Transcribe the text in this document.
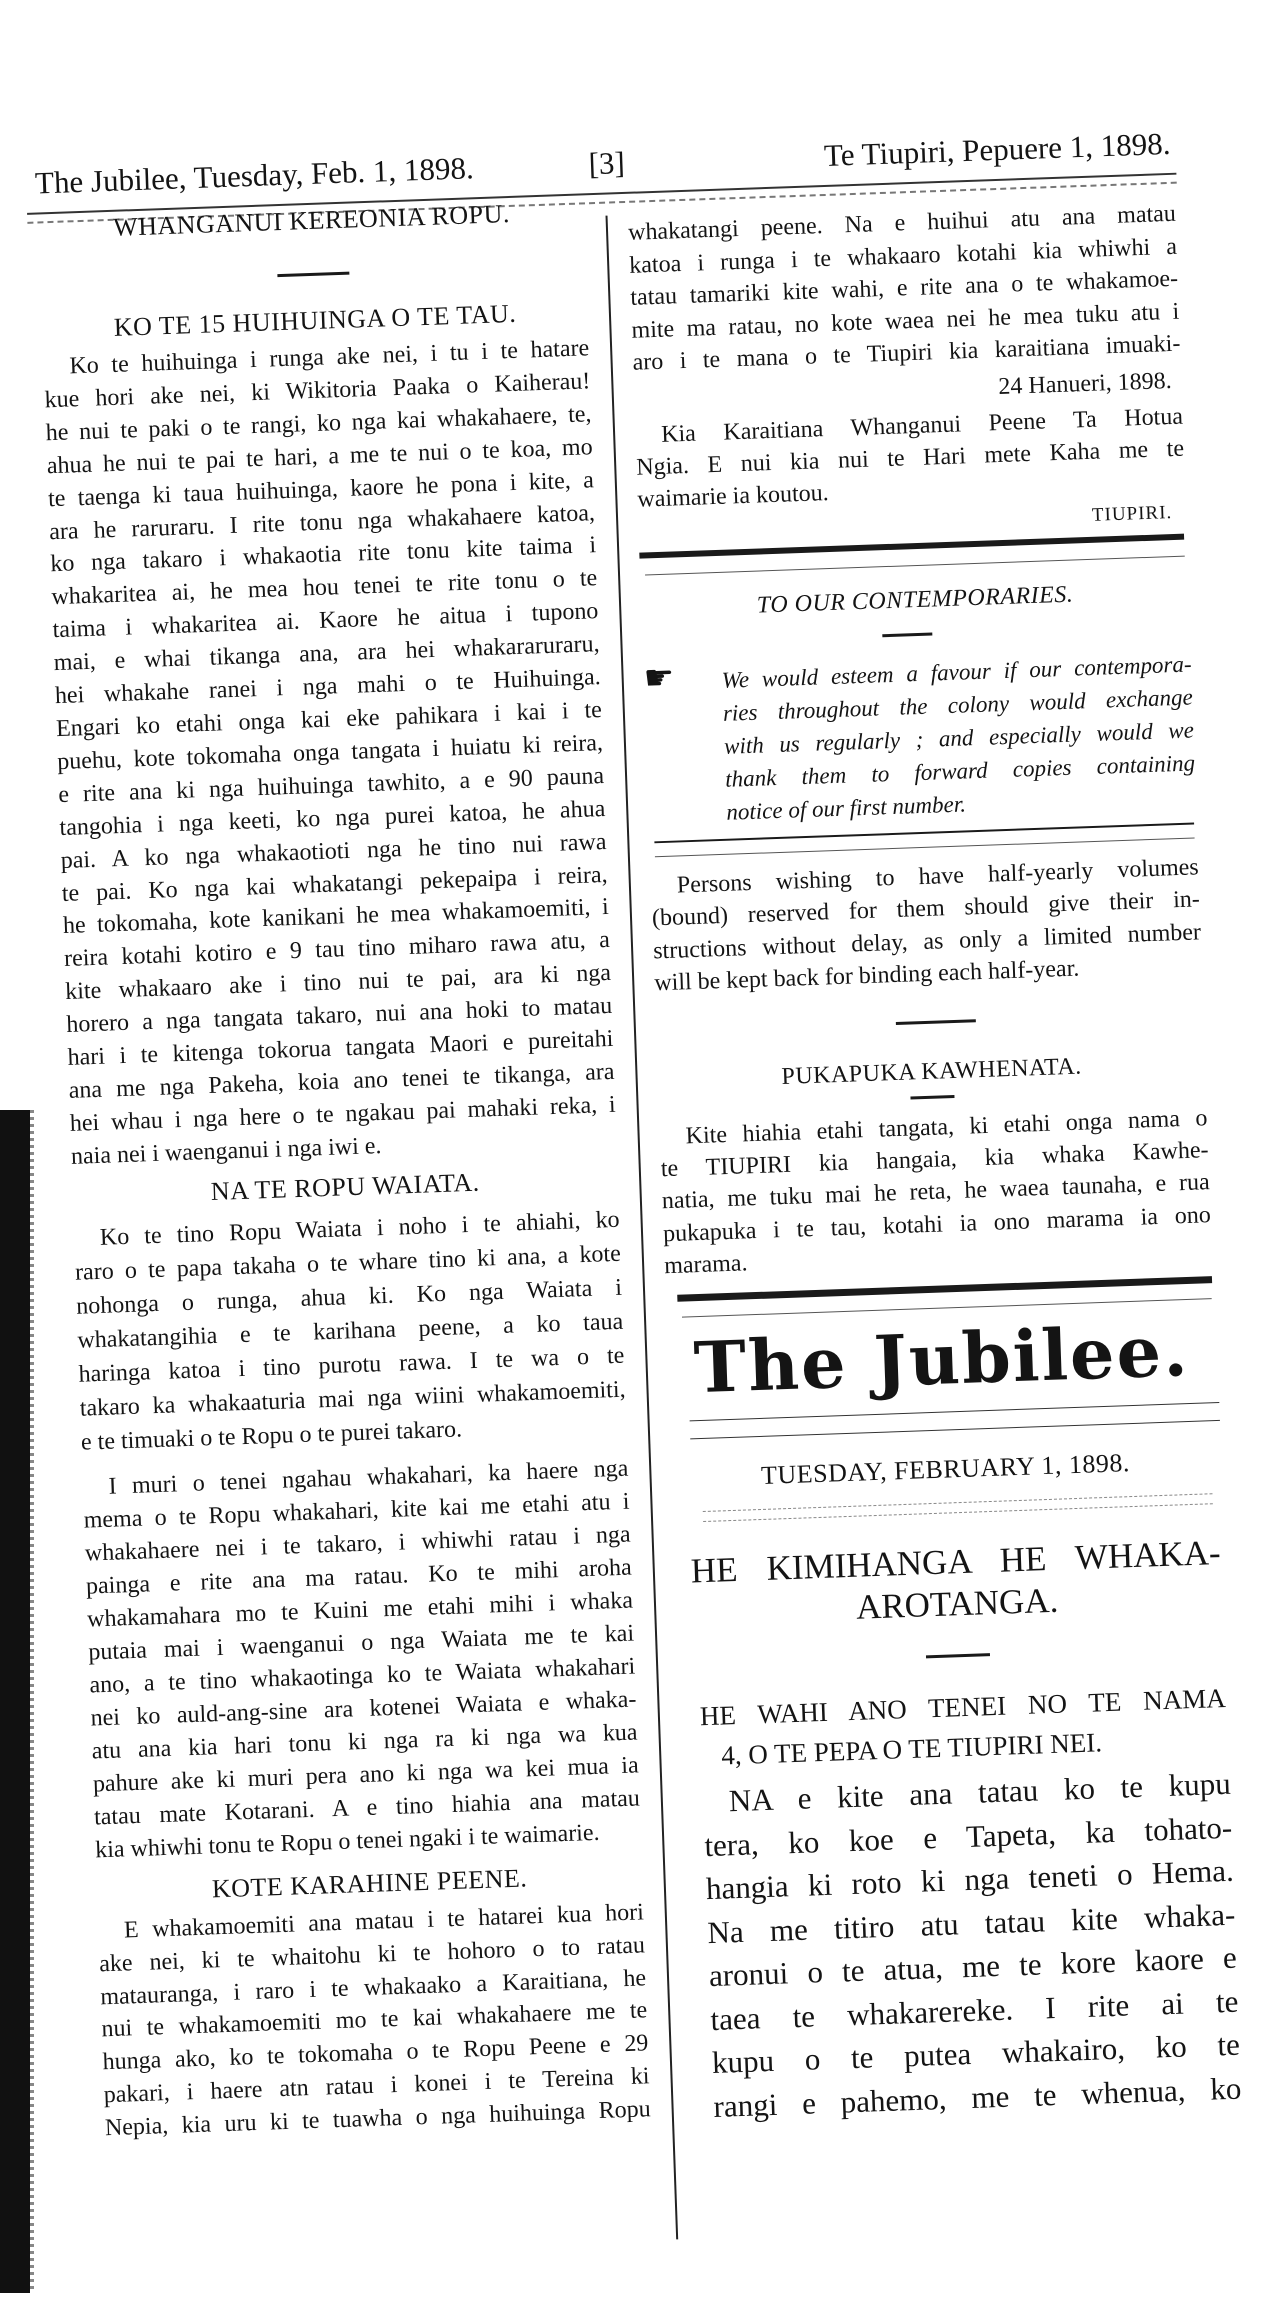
The Jubilee, Tuesday, Feb. 1, 1898.	[3]	Te Tiupiri, Pepuere 1, 1898.
WHANGANUI KEREONIA ROPU.
KO TE 15 HUIHUINGA O TE TAU.
Ko te huihuinga i runga ake nei, i tu i te hatare
kue hori ake nei, ki Wikitoria Paaka o Kaiherau!
he nui te paki o te rangi, ko nga kai whakahaere, te,
ahua he nui te pai te hari, a me te nui o te koa, mo
te taenga ki taua huihuinga, kaore he pona i kite, a
ara he raruraru. I rite tonu nga whakahaere katoa,
ko nga takaro i whakaotia rite tonu kite taima i
whakaritea ai, he mea hou tenei te rite tonu o te
taima i whakaritea ai. Kaore he aitua i tupono
mai, e whai tikanga ana, ara hei whakararuraru,
hei whakahe ranei i nga mahi o te Huihuinga.
Engari ko etahi onga kai eke pahikara i kai i te
puehu, kote tokomaha onga tangata i huiatu ki reira,
e rite ana ki nga huihuinga tawhito, a e 90 pauna
tangohia i nga keeti, ko nga purei katoa, he ahua
pai. A ko nga whakaotioti nga he tino nui rawa
te pai. Ko nga kai whakatangi pekepaipa i reira,
he tokomaha, kote kanikani he mea whakamoemiti, i
reira kotahi kotiro e 9 tau tino miharo rawa atu, a
kite whakaaro ake i tino nui te pai, ara ki nga
horero a nga tangata takaro, nui ana hoki to matau
hari i te kitenga tokorua tangata Maori e pureitahi
ana me nga Pakeha, koia ano tenei te tikanga, ara
hei whau i nga here o te ngakau pai mahaki reka, i
naia nei i waenganui i nga iwi e.
NA TE ROPU WAIATA.
Ko te tino Ropu Waiata i noho i te ahiahi, ko
raro o te papa takaha o te whare tino ki ana, a kote
nohonga o runga, ahua ki. Ko nga Waiata i
whakatangihia e te karihana peene, a ko taua
haringa katoa i tino purotu rawa. I te wa o te
takaro ka whakaaturia mai nga wiini whakamoemiti,
e te timuaki o te Ropu o te purei takaro.
I muri o tenei ngahau whakahari, ka haere nga
mema o te Ropu whakahari, kite kai me etahi atu i
whakahaere nei i te takaro, i whiwhi ratau i nga
painga e rite ana ma ratau. Ko te mihi aroha
whakamahara mo te Kuini me etahi mihi i whaka
putaia mai i waenganui o nga Waiata me te kai
ano, a te tino whakaotinga ko te Waiata whakahari
nei ko auld-ang-sine ara kotenei Waiata e whaka-
atu ana kia hari tonu ki nga ra ki nga wa kua
pahure ake ki muri pera ano ki nga wa kei mua ia
tatau mate Kotarani. A e tino hiahia ana matau
kia whiwhi tonu te Ropu o tenei ngaki i te waimarie.
KOTE KARAHINE PEENE.
E whakamoemiti ana matau i te hatarei kua hori
ake nei, ki te whaitohu ki te hohoro o to ratau
matauranga, i raro i te whakaako a Karaitiana, he
nui te whakamoemiti mo te kai whakahaere me te
hunga ako, ko te tokomaha o te Ropu Peene e 29
pakari, i haere atn ratau i konei i te Tereina ki
Nepia, kia uru ki te tuawha o nga huihuinga Ropu
whakatangi peene. Na e huihui atu ana matau
katoa i runga i te whakaaro kotahi kia whiwhi a
tatau tamariki kite wahi, e rite ana o te whakamoe-
mite ma ratau, no kote waea nei he mea tuku atu i
aro i te mana o te Tiupiri kia karaitiana imuaki-
24 Hanueri, 1898.
Kia Karaitiana Whanganui Peene Ta Hotua
Ngia. E nui kia nui te Hari mete Kaha me te
waimarie ia koutou.
TIUPIRI.
TO OUR CONTEMPORARIES.
☛ We would esteem a favour if our contempora-
ries throughout the colony would exchange
with us regularly ; and especially would we
thank them to forward copies containing
notice of our first number.
Persons wishing to have half-yearly volumes
(bound) reserved for them should give their in-
structions without delay, as only a limited number
will be kept back for binding each half-year.
PUKAPUKA KAWHENATA.
Kite hiahia etahi tangata, ki etahi onga nama o
te TIUPIRI kia hangaia, kia whaka Kawhe-
natia, me tuku mai he reta, he waea taunaha, e rua
pukapuka i te tau, kotahi ia ono marama ia ono
marama.
The Jubilee.
TUESDAY, FEBRUARY 1, 1898.
HE KIMIHANGA HE WHAKA-
AROTANGA.
HE WAHI ANO TENEI NO TE NAMA
4, O TE PEPA O TE TIUPIRI NEI.
NA e kite ana tatau ko te kupu
tera, ko koe e Tapeta, ka tohato-
hangia ki roto ki nga teneti o Hema.
Na me titiro atu tatau kite whaka-
aronui o te atua, me te kore kaore e
taea te whakarereke. I rite ai te
kupu o te putea whakairo, ko te
rangi e pahemo, me te whenua, ko
